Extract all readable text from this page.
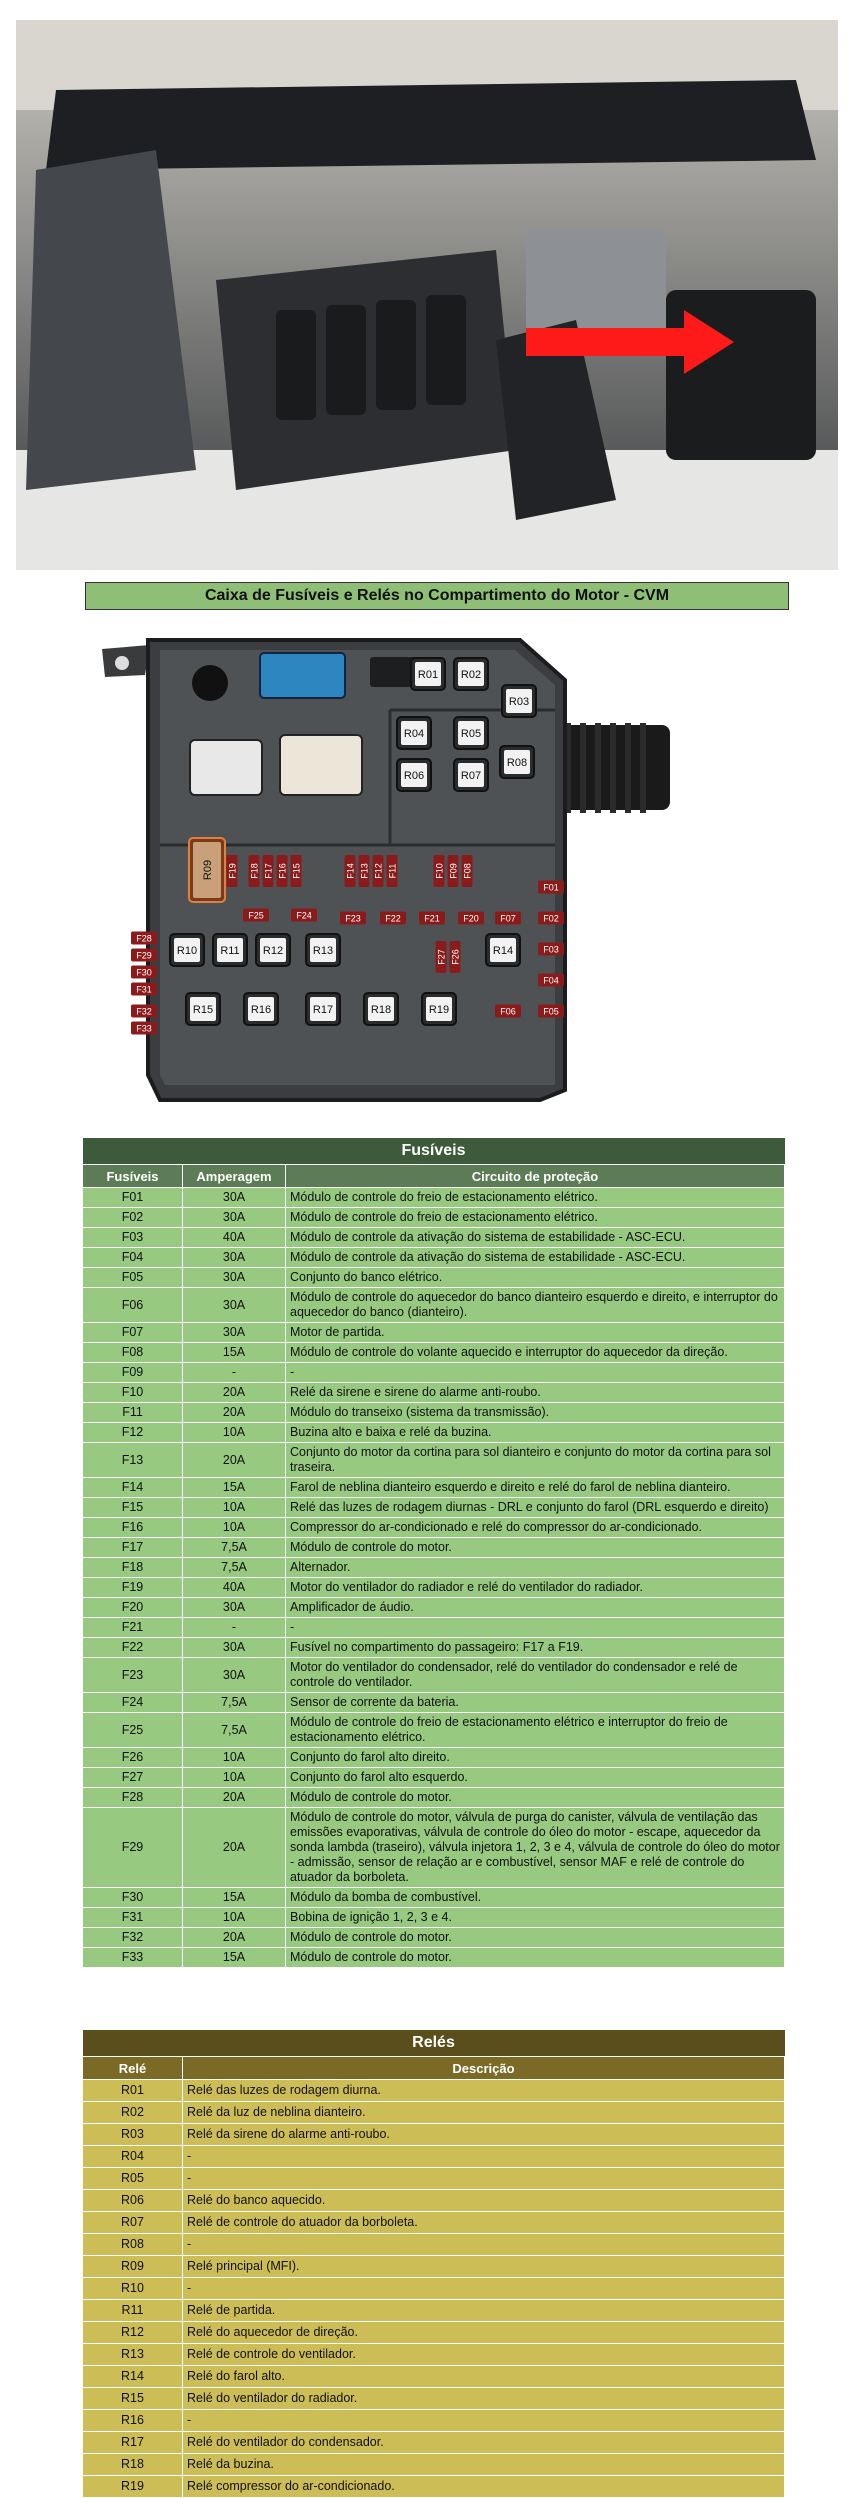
Caixa de Fusíveis e Relés no Compartimento do Motor - CVM
R01 R02
R03
R04	R05
R06	R07
R08
R09
R10 R11 R12	R13	R14
R15	R16	R17	R18	R19
F01
F02
F03
F04
F05
F06
F07
F08
F09
F10
F11
F12
F13
F14
F15
F16
F17
F18
F19
F20
F21
F22
F23
F24
F25
F26
F27
F28
F29
F30
F31
F32
F33
Fusíveis		
Fusíveis	Amperagem	Circuito de proteção
F01	30A	Módulo de controle do freio de estacionamento elétrico.
F02	30A	Módulo de controle do freio de estacionamento elétrico.
F03	40A	Módulo de controle da ativação do sistema de estabilidade - ASC-ECU.
F04	30A	Módulo de controle da ativação do sistema de estabilidade - ASC-ECU.
F05	30A	Conjunto do banco elétrico.
F06	30A	Módulo de controle do aquecedor do banco dianteiro esquerdo e direito, e interruptor do aquecedor do banco (dianteiro).
F07	30A	Motor de partida.
F08	15A	Módulo de controle do volante aquecido e interruptor do aquecedor da direção.
F09	-	-
F10	20A	Relé da sirene e sirene do alarme anti-roubo.
F11	20A	Módulo do transeixo (sistema da transmissão).
F12	10A	Buzina alto e baixa e relé da buzina.
F13	20A	Conjunto do motor da cortina para sol dianteiro e conjunto do motor da cortina para sol traseira.
F14	15A	Farol de neblina dianteiro esquerdo e direito e relé do farol de neblina dianteiro.
F15	10A	Relé das luzes de rodagem diurnas - DRL e conjunto do farol (DRL esquerdo e direito)
F16	10A	Compressor do ar-condicionado e relé do compressor do ar-condicionado.
F17	7,5A	Módulo de controle do motor.
F18	7,5A	Alternador.
F19	40A	Motor do ventilador do radiador e relé do ventilador do radiador.
F20	30A	Amplificador de áudio.
F21	-	-
F22	30A	Fusível no compartimento do passageiro: F17 a F19.
F23	30A	Motor do ventilador do condensador, relé do ventilador do condensador e relé de controle do ventilador.
F24	7,5A	Sensor de corrente da bateria.
F25	7,5A	Módulo de controle do freio de estacionamento elétrico e interruptor do freio de estacionamento elétrico.
F26	10A	Conjunto do farol alto direito.
F27	10A	Conjunto do farol alto esquerdo.
F28	20A	Módulo de controle do motor.
F29	20A	Módulo de controle do motor, válvula de purga do canister, válvula de ventilação das emissões evaporativas, válvula de controle do óleo do motor - escape, aquecedor da sonda lambda (traseiro), válvula injetora 1, 2, 3 e 4, válvula de controle do óleo do motor - admissão, sensor de relação ar e combustível, sensor MAF e relé de controle do atuador da borboleta.
F30	15A	Módulo da bomba de combustível.
F31	10A	Bobina de ignição 1, 2, 3 e 4.
F32	20A	Módulo de controle do motor.
F33	15A	Módulo de controle do motor.
Relés	
Relé	Descrição
R01	Relé das luzes de rodagem diurna.
R02	Relé da luz de neblina dianteiro.
R03	Relé da sirene do alarme anti-roubo.
R04	-
R05	-
R06	Relé do banco aquecido.
R07	Relé de controle do atuador da borboleta.
R08	-
R09	Relé principal (MFI).
R10	-
R11	Relé de partida.
R12	Relé do aquecedor de direção.
R13	Relé de controle do ventilador.
R14	Relé do farol alto.
R15	Relé do ventilador do radiador.
R16	-
R17	Relé do ventilador do condensador.
R18	Relé da buzina.
R19	Relé compressor do ar-condicionado.
